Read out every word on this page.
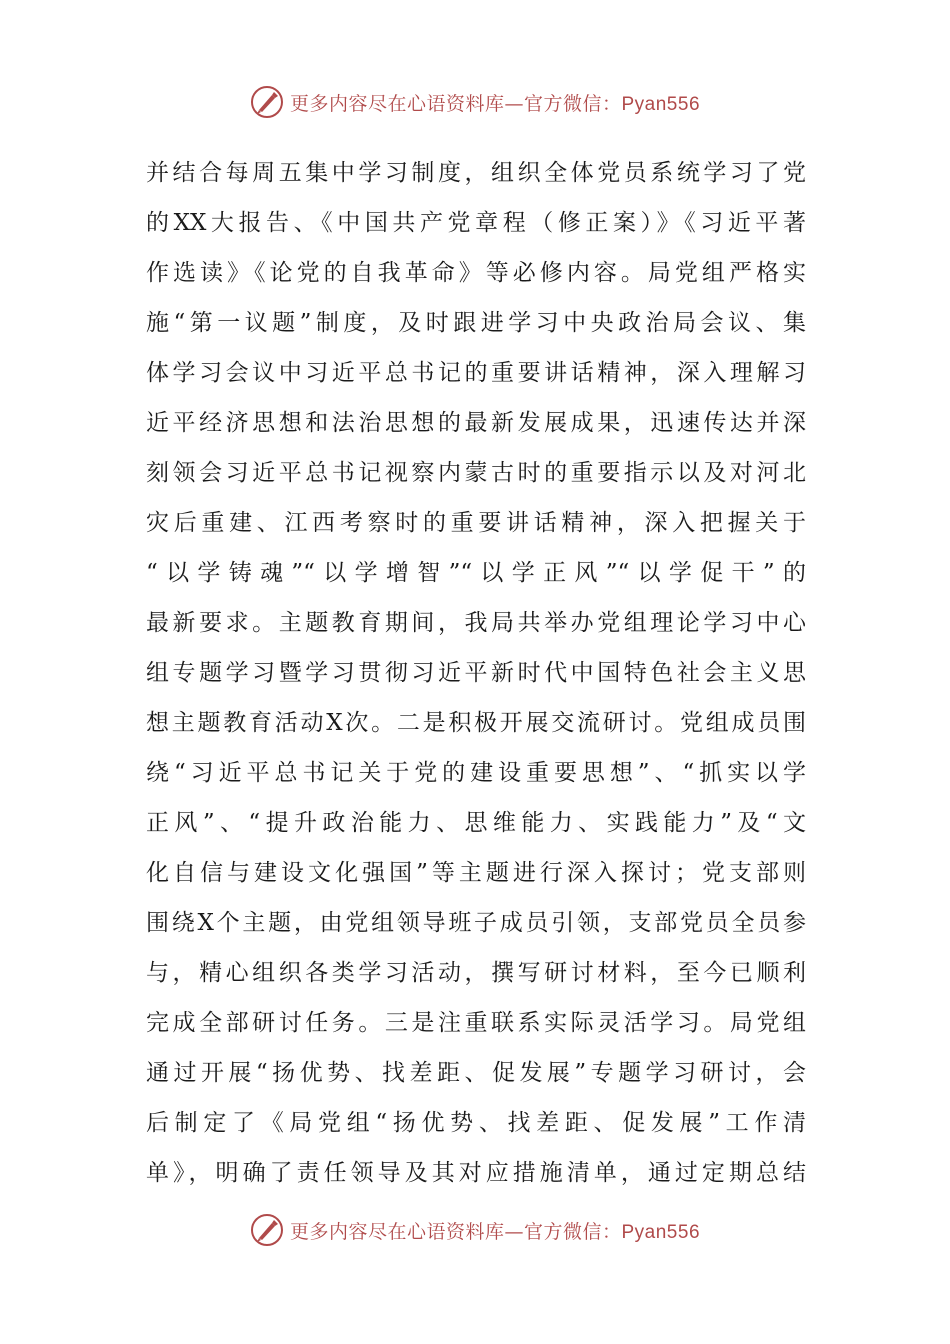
更多内容尽在心语资料库—官方微信：Pyan556
并结合每周五集中学习制度，组织全体党员系统学习了党
的XX大报告、《中国共产党章程（修正案）》《习近平著
作选读》《论党的自我革命》等必修内容。局党组严格实
施“第一议题”制度，及时跟进学习中央政治局会议、集
体学习会议中习近平总书记的重要讲话精神，深入理解习
近平经济思想和法治思想的最新发展成果，迅速传达并深
刻领会习近平总书记视察内蒙古时的重要指示以及对河北
灾后重建、江西考察时的重要讲话精神，深入把握关于
“以学铸魂”“以学增智”“以学正风”“以学促干”的
最新要求。主题教育期间，我局共举办党组理论学习中心
组专题学习暨学习贯彻习近平新时代中国特色社会主义思
想主题教育活动X次。二是积极开展交流研讨。党组成员围
绕“习近平总书记关于党的建设重要思想”、“抓实以学
正风”、“提升政治能力、思维能力、实践能力”及“文
化自信与建设文化强国”等主题进行深入探讨；党支部则
围绕X个主题，由党组领导班子成员引领，支部党员全员参
与，精心组织各类学习活动，撰写研讨材料，至今已顺利
完成全部研讨任务。三是注重联系实际灵活学习。局党组
通过开展“扬优势、找差距、促发展”专题学习研讨，会
后制定了《局党组“扬优势、找差距、促发展”工作清
单》，明确了责任领导及其对应措施清单，通过定期总结
更多内容尽在心语资料库—官方微信：Pyan556
